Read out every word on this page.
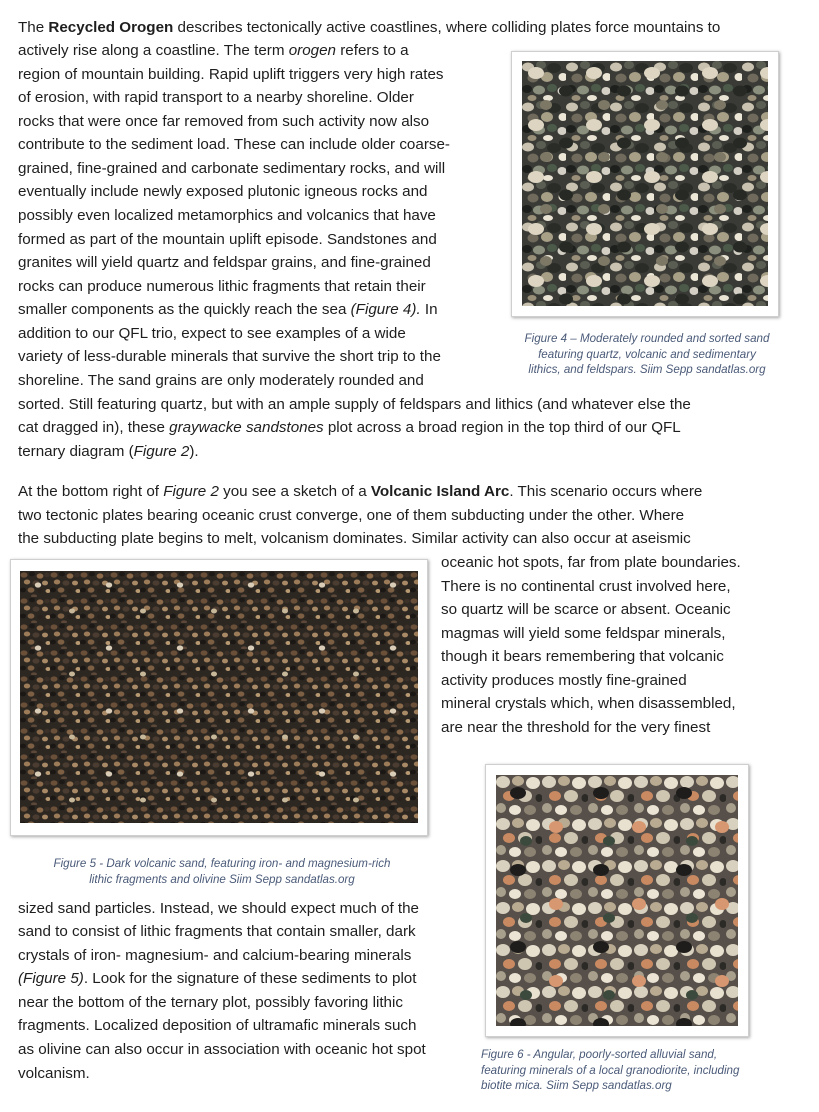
The Recycled Orogen describes tectonically active coastlines, where colliding plates force mountains to
actively rise along a coastline. The term orogen refers to a
region of mountain building. Rapid uplift triggers very high rates
of erosion, with rapid transport to a nearby shoreline. Older
rocks that were once far removed from such activity now also
contribute to the sediment load. These can include older coarse-
grained, fine-grained and carbonate sedimentary rocks, and will
eventually include newly exposed plutonic igneous rocks and
possibly even localized metamorphics and volcanics that have
formed as part of the mountain uplift episode. Sandstones and
granites will yield quartz and feldspar grains, and fine-grained
rocks can produce numerous lithic fragments that retain their
smaller components as the quickly reach the sea (Figure 4). In
addition to our QFL trio, expect to see examples of a wide
variety of less-durable minerals that survive the short trip to the
shoreline. The sand grains are only moderately rounded and
sorted. Still featuring quartz, but with an ample supply of feldspars and lithics (and whatever else the
cat dragged in), these graywacke sandstones plot across a broad region in the top third of our QFL
ternary diagram (Figure 2).
At the bottom right of Figure 2 you see a sketch of a Volcanic Island Arc. This scenario occurs where
two tectonic plates bearing oceanic crust converge, one of them subducting under the other. Where
the subducting plate begins to melt, volcanism dominates. Similar activity can also occur at aseismic
oceanic hot spots, far from plate boundaries.
There is no continental crust involved here,
so quartz will be scarce or absent. Oceanic
magmas will yield some feldspar minerals,
though it bears remembering that volcanic
activity produces mostly fine-grained
mineral crystals which, when disassembled,
are near the threshold for the very finest
sized sand particles. Instead, we should expect much of the
sand to consist of lithic fragments that contain smaller, dark
crystals of iron- magnesium- and calcium-bearing minerals
(Figure 5). Look for the signature of these sediments to plot
near the bottom of the ternary plot, possibly favoring lithic
fragments. Localized deposition of ultramafic minerals such
as olivine can also occur in association with oceanic hot spot
volcanism.
Figure 4 – Moderately rounded and sorted sand
featuring quartz, volcanic and sedimentary
lithics, and feldspars. Siim Sepp sandatlas.org
Figure 5 - Dark volcanic sand, featuring iron- and magnesium-rich
lithic fragments and olivine Siim Sepp sandatlas.org
Figure 6 - Angular, poorly-sorted alluvial sand,
featuring minerals of a local granodiorite, including
biotite mica. Siim Sepp sandatlas.org
